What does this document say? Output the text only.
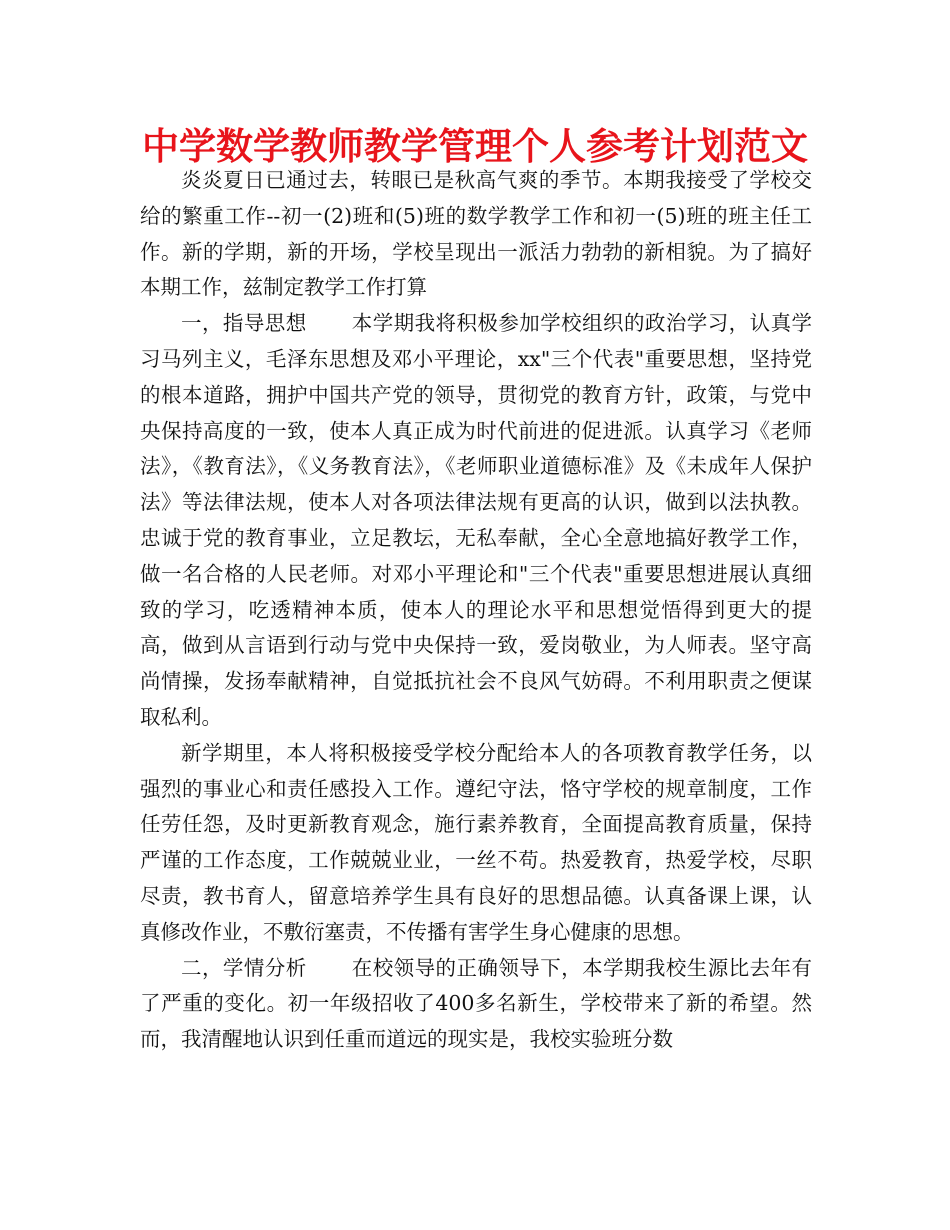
中学数学教师教学管理个人参考计划范文

炎炎夏日已通过去，转眼已是秋高气爽的季节。本期我接受了学校交给的繁重工作--初一(2)班和(5)班的数学教学工作和初一(5)班的班主任工作。新的学期，新的开场，学校呈现出一派活力勃勃的新相貌。为了搞好本期工作，兹制定教学工作打算

一，指导思想 本学期我将积极参加学校组织的政治学习，认真学习马列主义，毛泽东思想及邓小平理论，xx"三个代表"重要思想，坚持党的根本道路，拥护中国共产党的领导，贯彻党的教育方针，政策，与党中央保持高度的一致，使本人真正成为时代前进的促进派。认真学习《老师法》，《教育法》，《义务教育法》，《老师职业道德标准》及《未成年人保护法》等法律法规，使本人对各项法律法规有更高的认识，做到以法执教。忠诚于党的教育事业，立足教坛，无私奉献，全心全意地搞好教学工作，做一名合格的人民老师。对邓小平理论和"三个代表"重要思想进展认真细致的学习，吃透精神本质，使本人的理论水平和思想觉悟得到更大的提高，做到从言语到行动与党中央保持一致，爱岗敬业，为人师表。坚守高尚情操，发扬奉献精神，自觉抵抗社会不良风气妨碍。不利用职责之便谋取私利。

新学期里，本人将积极接受学校分配给本人的各项教育教学任务，以强烈的事业心和责任感投入工作。遵纪守法，恪守学校的规章制度，工作任劳任怨，及时更新教育观念，施行素养教育，全面提高教育质量，保持严谨的工作态度，工作兢兢业业，一丝不苟。热爱教育，热爱学校，尽职尽责，教书育人，留意培养学生具有良好的思想品德。认真备课上课，认真修改作业，不敷衍塞责，不传播有害学生身心健康的思想。

二，学情分析 在校领导的正确领导下，本学期我校生源比去年有了严重的变化。初一年级招收了400多名新生，学校带来了新的希望。然而，我清醒地认识到任重而道远的现实是，我校实验班分数
